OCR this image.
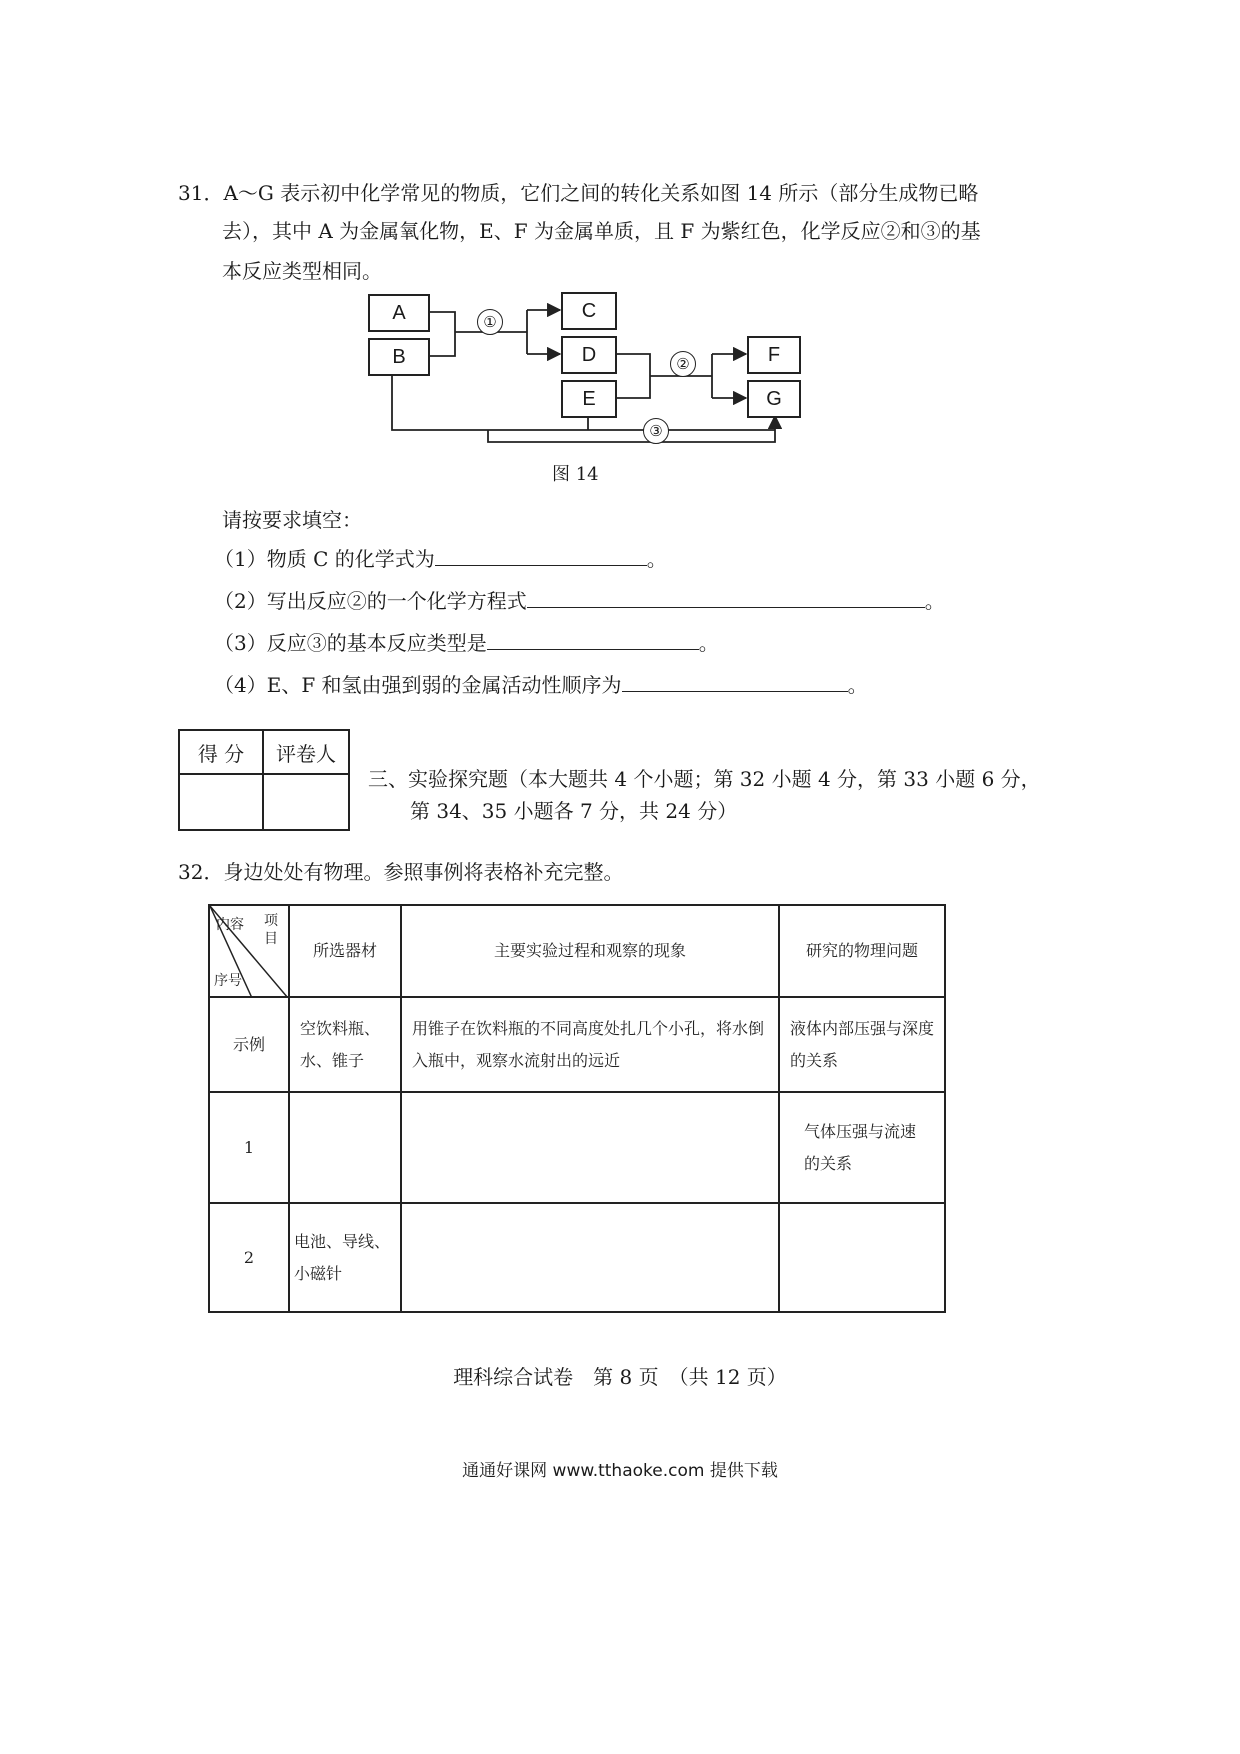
31．A～G 表示初中化学常见的物质，它们之间的转化关系如图 14 所示（部分生成物已略
去），其中 A 为金属氧化物，E、F 为金属单质，且 F 为紫红色，化学反应②和③的基
本反应类型相同。
A
B
C
D
E
F
G
①
②
③
图 14
请按要求填空：
（1）物质 C 的化学式为	。
（2）写出反应②的一个化学方程式	。
（3）反应③的基本反应类型是	。
（4）E、F 和氢由强到弱的金属活动性顺序为	。
得 分	评卷人

三、实验探究题（本大题共 4 个小题；第 32 小题 4 分，第 33 小题 6 分，
第 34、35 小题各 7 分，共 24 分）
32．身边处处有物理。参照事例将表格补充完整。
项目
内容
序号	所选器材	主要实验过程和观察的现象	研究的物理问题
示例	空饮料瓶、水、锥子	用锥子在饮料瓶的不同高度处扎几个小孔，将水倒入瓶中，观察水流射出的远近	液体内部压强与深度的关系
1			气体压强与流速的关系
2	电池、导线、小磁针		
理科综合试卷　第 8 页　（共 12 页）
通通好课网 www.tthaoke.com 提供下载
